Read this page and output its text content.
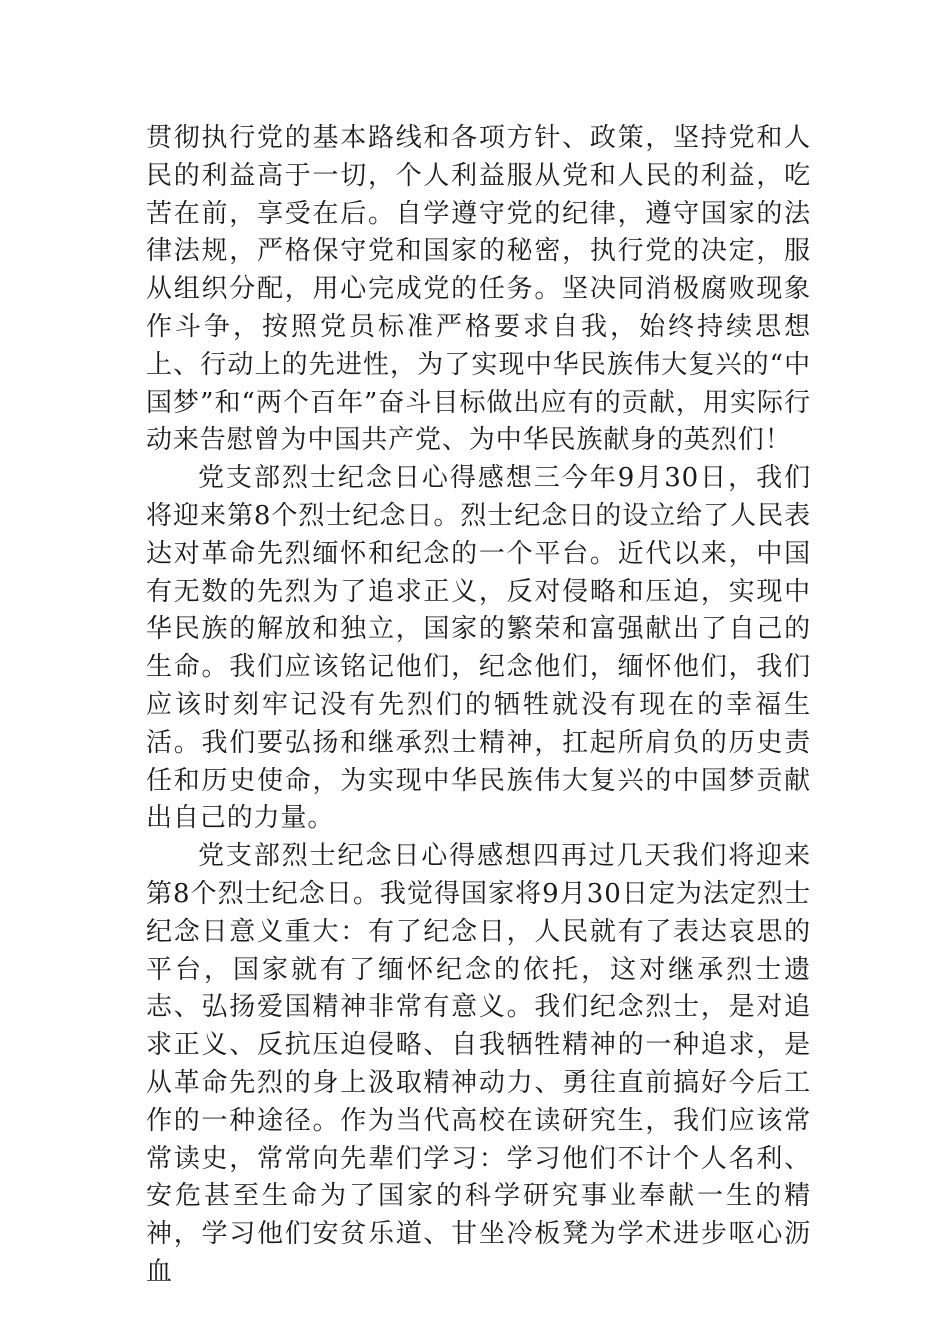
贯彻执行党的基本路线和各项方针、政策，坚持党和人民的利益高于一切，个人利益服从党和人民的利益，吃苦在前，享受在后。自学遵守党的纪律，遵守国家的法律法规，严格保守党和国家的秘密，执行党的决定，服从组织分配，用心完成党的任务。坚决同消极腐败现象作斗争，按照党员标准严格要求自我，始终持续思想上、行动上的先进性，为了实现中华民族伟大复兴的“中国梦”和“两个百年”奋斗目标做出应有的贡献，用实际行动来告慰曾为中国共产党、为中华民族献身的英烈们！

党支部烈士纪念日心得感想三今年9月30日，我们将迎来第8个烈士纪念日。烈士纪念日的设立给了人民表达对革命先烈缅怀和纪念的一个平台。近代以来，中国有无数的先烈为了追求正义，反对侵略和压迫，实现中华民族的解放和独立，国家的繁荣和富强献出了自己的生命。我们应该铭记他们，纪念他们，缅怀他们，我们应该时刻牢记没有先烈们的牺牲就没有现在的幸福生活。我们要弘扬和继承烈士精神，扛起所肩负的历史责任和历史使命，为实现中华民族伟大复兴的中国梦贡献出自己的力量。

党支部烈士纪念日心得感想四再过几天我们将迎来第8个烈士纪念日。我觉得国家将9月30日定为法定烈士纪念日意义重大：有了纪念日，人民就有了表达哀思的平台，国家就有了缅怀纪念的依托，这对继承烈士遗志、弘扬爱国精神非常有意义。我们纪念烈士，是对追求正义、反抗压迫侵略、自我牺牲精神的一种追求，是从革命先烈的身上汲取精神动力、勇往直前搞好今后工作的一种途径。作为当代高校在读研究生，我们应该常常读史，常常向先辈们学习：学习他们不计个人名利、安危甚至生命为了国家的科学研究事业奉献一生的精神，学习他们安贫乐道、甘坐冷板凳为学术进步呕心沥血
